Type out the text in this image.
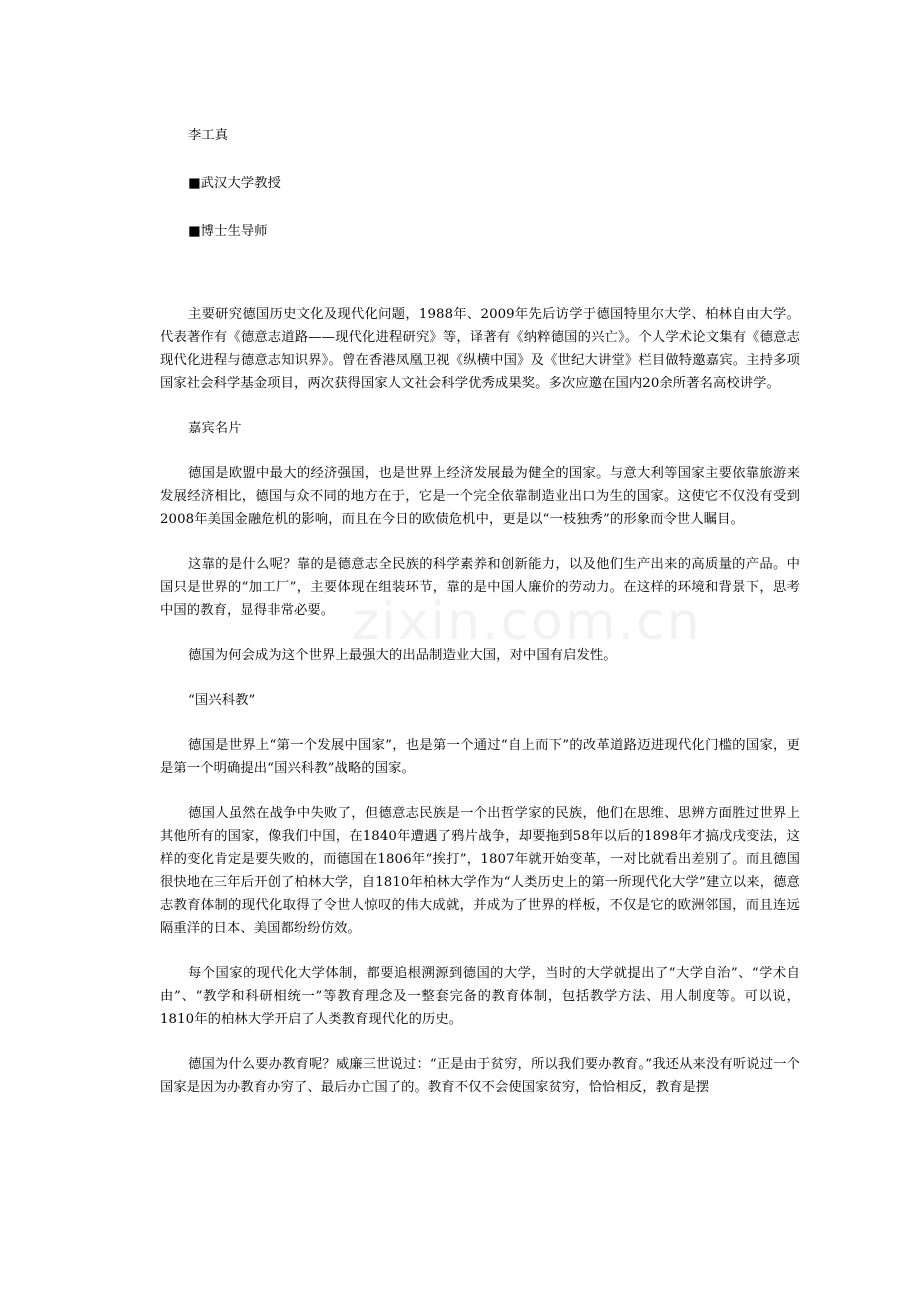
李工真

■武汉大学教授

■博士生导师

主要研究德国历史文化及现代化问题，1988年、2009年先后访学于德国特里尔大学、柏林自由大学。代表著作有《德意志道路——现代化进程研究》等，译著有《纳粹德国的兴亡》。个人学术论文集有《德意志现代化进程与德意志知识界》。曾在香港凤凰卫视《纵横中国》及《世纪大讲堂》栏目做特邀嘉宾。主持多项国家社会科学基金项目，两次获得国家人文社会科学优秀成果奖。多次应邀在国内20余所著名高校讲学。

嘉宾名片

德国是欧盟中最大的经济强国，也是世界上经济发展最为健全的国家。与意大利等国家主要依靠旅游来发展经济相比，德国与众不同的地方在于，它是一个完全依靠制造业出口为生的国家。这使它不仅没有受到2008年美国金融危机的影响，而且在今日的欧债危机中，更是以“一枝独秀”的形象而令世人瞩目。

这靠的是什么呢？靠的是德意志全民族的科学素养和创新能力，以及他们生产出来的高质量的产品。中国只是世界的“加工厂”，主要体现在组装环节，靠的是中国人廉价的劳动力。在这样的环境和背景下，思考中国的教育，显得非常必要。

德国为何会成为这个世界上最强大的出品制造业大国，对中国有启发性。

“国兴科教”

德国是世界上“第一个发展中国家”，也是第一个通过“自上而下”的改革道路迈进现代化门槛的国家，更是第一个明确提出“国兴科教”战略的国家。

德国人虽然在战争中失败了，但德意志民族是一个出哲学家的民族，他们在思维、思辨方面胜过世界上其他所有的国家，像我们中国，在1840年遭遇了鸦片战争，却要拖到58年以后的1898年才搞戊戌变法，这样的变化肯定是要失败的，而德国在1806年“挨打”，1807年就开始变革，一对比就看出差别了。而且德国很快地在三年后开创了柏林大学，自1810年柏林大学作为“人类历史上的第一所现代化大学”建立以来，德意志教育体制的现代化取得了令世人惊叹的伟大成就，并成为了世界的样板，不仅是它的欧洲邻国，而且连远隔重洋的日本、美国都纷纷仿效。

每个国家的现代化大学体制，都要追根溯源到德国的大学，当时的大学就提出了“大学自治”、“学术自由”、“教学和科研相统一”等教育理念及一整套完备的教育体制，包括教学方法、用人制度等。可以说，1810年的柏林大学开启了人类教育现代化的历史。

德国为什么要办教育呢？威廉三世说过：“正是由于贫穷，所以我们要办教育。”我还从来没有听说过一个国家是因为办教育办穷了、最后办亡国了的。教育不仅不会使国家贫穷，恰恰相反，教育是摆

zixin.com.cn
